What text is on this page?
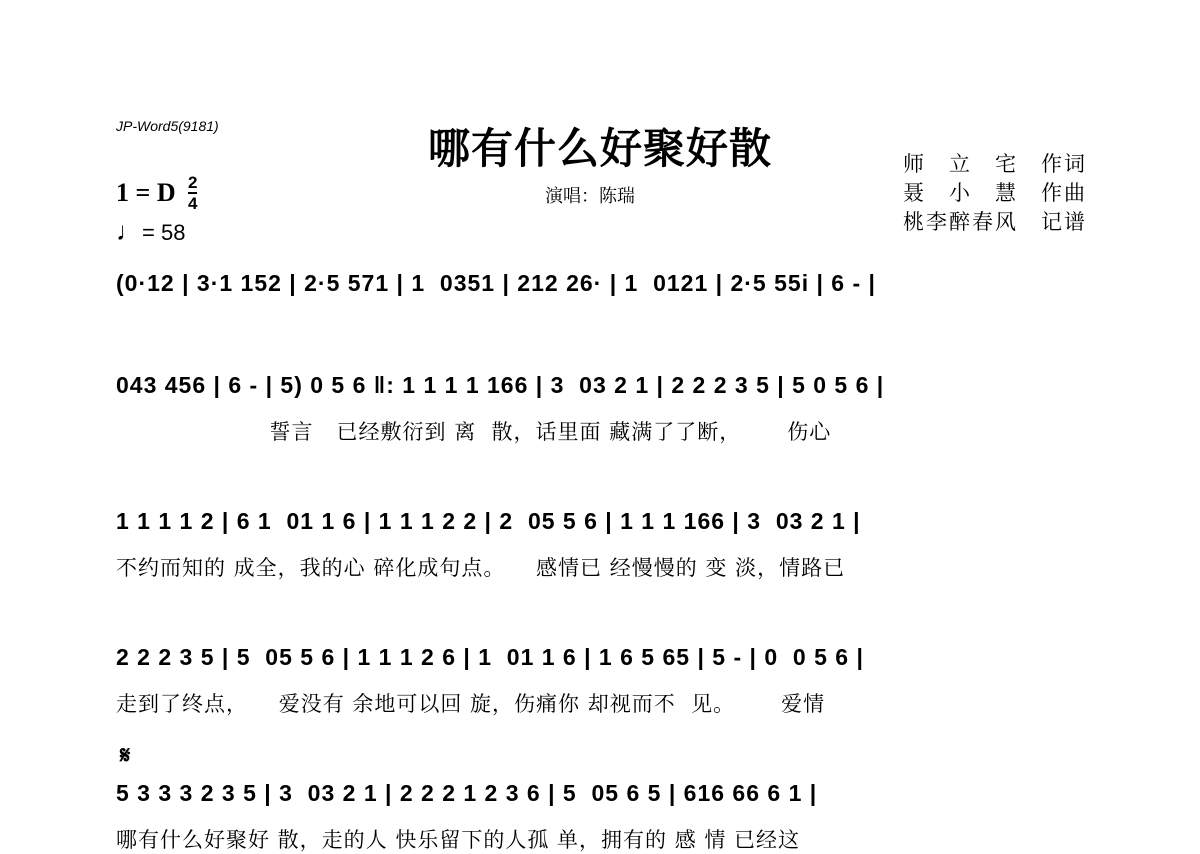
JP-Word5(9181)	哪有什么好聚好散
演唱：陈瑞
师　立　宅　作词
聂　小　慧　作曲
桃李醉春风　记谱
1 = D 2
4
♩= 58
(0·12 | 3·1 152 | 2·5 571 | 1  0351 | 212 26· | 1  0121 | 2·5 55i | 6 - |
043 456 | 6 - | 5) 0 5 6 ‖: 1 1 1 1 166 | 3  03 2 1 | 2 2 2 3 5 | 5 0 5 6 |
誓言   已经敷衍到 离  散，话里面 藏满了了断，      伤心
1 1 1 1 2 | 6 1  01 1 6 | 1 1 1 2 2 | 2  05 5 6 | 1 1 1 166 | 3  03 2 1 |
不约而知的 成全，我的心 碎化成句点。    感情已 经慢慢的 变 淡，情路已
2 2 2 3 5 | 5  05 5 6 | 1 1 1 2 6 | 1  01 1 6 | 1 6 5 65 | 5 - | 0  0 5 6 |
走到了终点，    爱没有 余地可以回 旋，伤痛你 却视而不  见。      爱情
𝄋
5 3 3 3 2 3 5 | 3  03 2 1 | 2 2 2 1 2 3 6 | 5  05 6 5 | 616 66 6 1 |
哪有什么好聚好 散，走的人 快乐留下的人孤 单，拥有的 感 情 已经这
